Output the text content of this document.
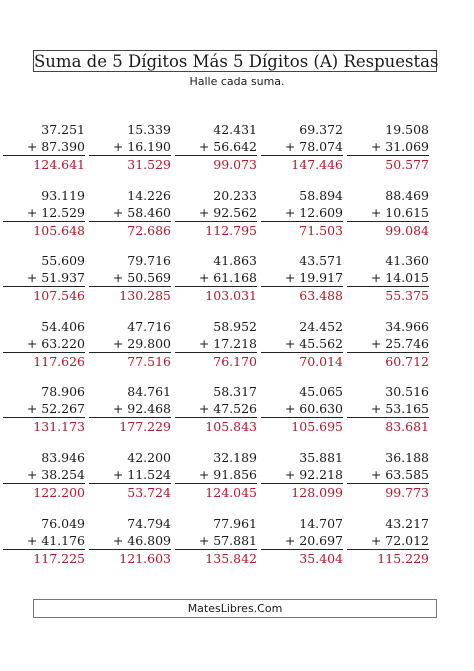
Suma de 5 Dígitos Más 5 Dígitos (A) Respuestas
Halle cada suma.
37.251
+ 87.390
124.641
15.339
+ 16.190
31.529
42.431
+ 56.642
99.073
69.372
+ 78.074
147.446
19.508
+ 31.069
50.577
93.119
+ 12.529
105.648
14.226
+ 58.460
72.686
20.233
+ 92.562
112.795
58.894
+ 12.609
71.503
88.469
+ 10.615
99.084
55.609
+ 51.937
107.546
79.716
+ 50.569
130.285
41.863
+ 61.168
103.031
43.571
+ 19.917
63.488
41.360
+ 14.015
55.375
54.406
+ 63.220
117.626
47.716
+ 29.800
77.516
58.952
+ 17.218
76.170
24.452
+ 45.562
70.014
34.966
+ 25.746
60.712
78.906
+ 52.267
131.173
84.761
+ 92.468
177.229
58.317
+ 47.526
105.843
45.065
+ 60.630
105.695
30.516
+ 53.165
83.681
83.946
+ 38.254
122.200
42.200
+ 11.524
53.724
32.189
+ 91.856
124.045
35.881
+ 92.218
128.099
36.188
+ 63.585
99.773
76.049
+ 41.176
117.225
74.794
+ 46.809
121.603
77.961
+ 57.881
135.842
14.707
+ 20.697
35.404
43.217
+ 72.012
115.229
MatesLibres.Com
